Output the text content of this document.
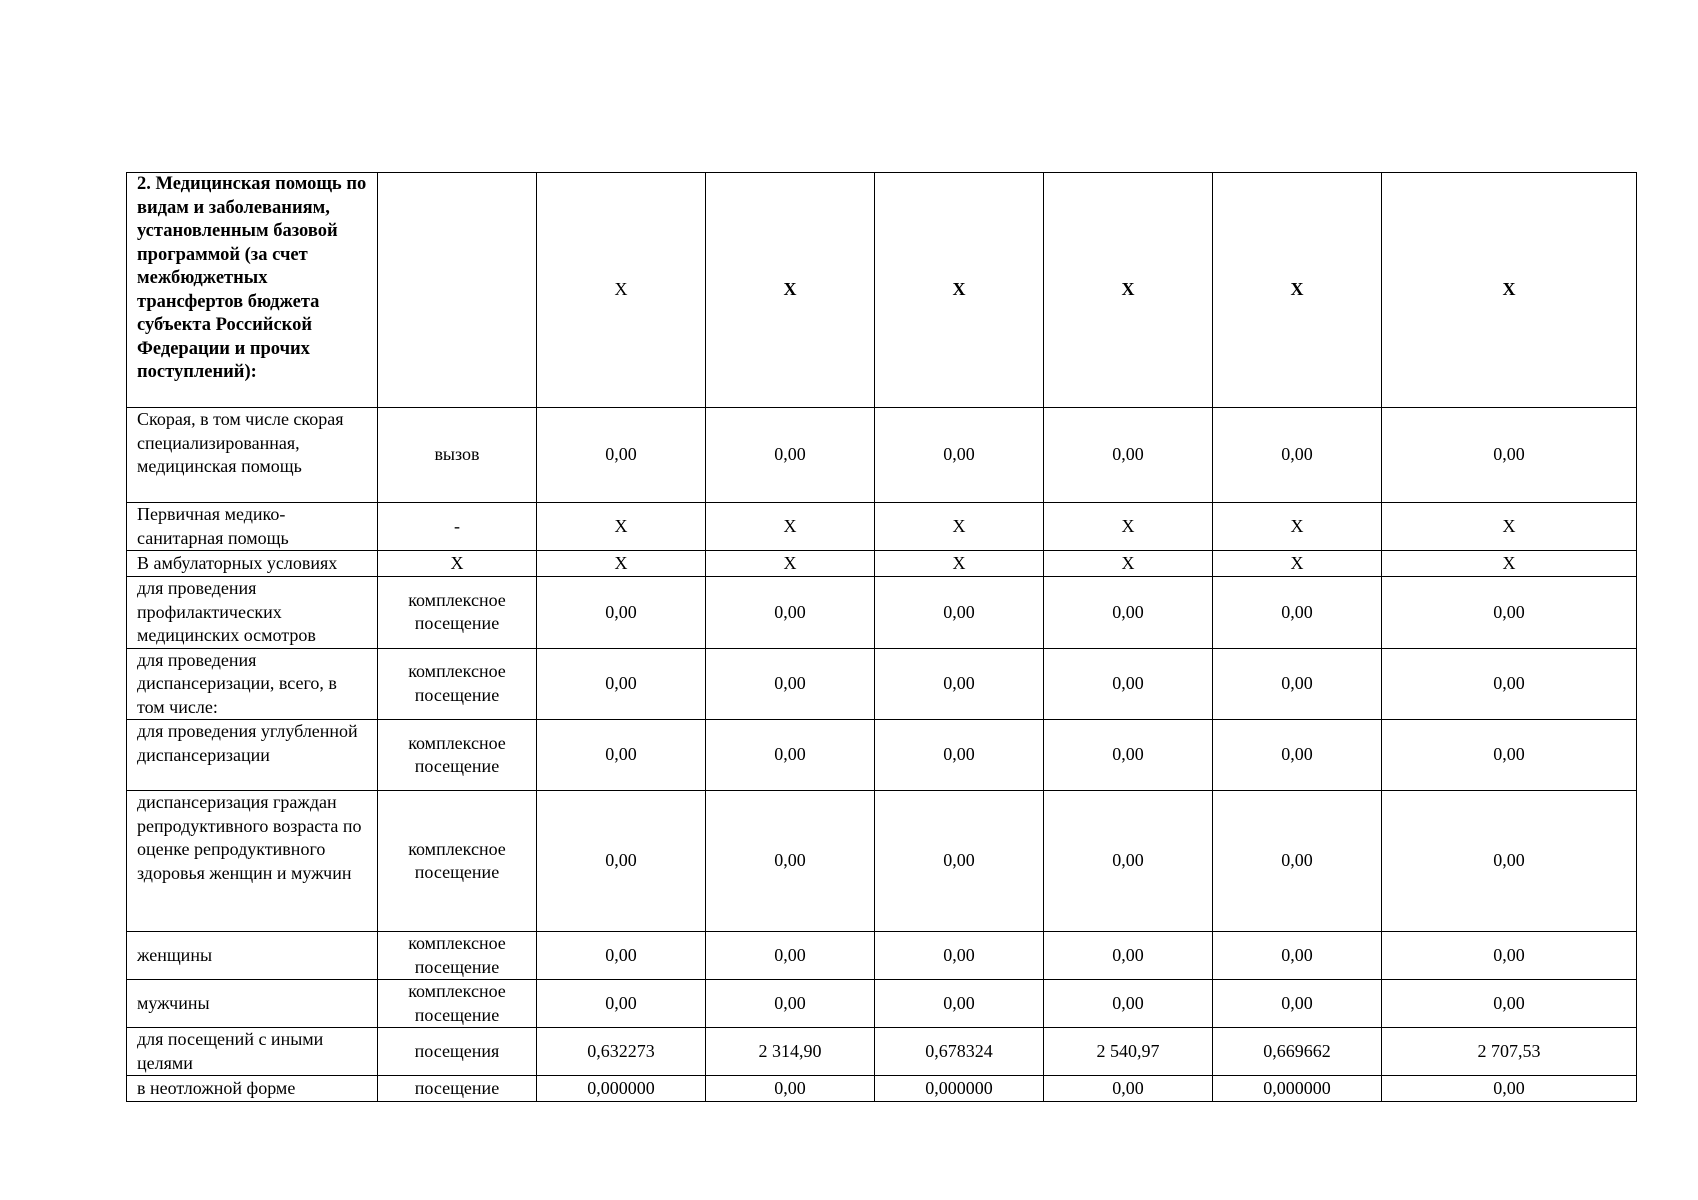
2. Медицинская помощь по видам и заболеваниям, установленным базовой программой (за счет межбюджетных трансфертов бюджета субъекта Российской Федерации и прочих поступлений):		Х	Х	Х	Х	Х	Х
Скорая, в том числе скорая специализированная, медицинская помощь	вызов	0,00	0,00	0,00	0,00	0,00	0,00
Первичная медико-санитарная помощь	-	Х	Х	Х	Х	Х	Х
В амбулаторных условиях	Х	Х	Х	Х	Х	Х	Х
для проведения профилактических медицинских осмотров	комплексное посещение	0,00	0,00	0,00	0,00	0,00	0,00
для проведения диспансеризации, всего, в том числе:	комплексное посещение	0,00	0,00	0,00	0,00	0,00	0,00
для проведения углубленной диспансеризации	комплексное посещение	0,00	0,00	0,00	0,00	0,00	0,00
диспансеризация граждан репродуктивного возраста по оценке репродуктивного здоровья женщин и мужчин	комплексное посещение	0,00	0,00	0,00	0,00	0,00	0,00
женщины	комплексное посещение	0,00	0,00	0,00	0,00	0,00	0,00
мужчины	комплексное посещение	0,00	0,00	0,00	0,00	0,00	0,00
для посещений с иными целями	посещения	0,632273	2 314,90	0,678324	2 540,97	0,669662	2 707,53
в неотложной форме	посещение	0,000000	0,00	0,000000	0,00	0,000000	0,00
